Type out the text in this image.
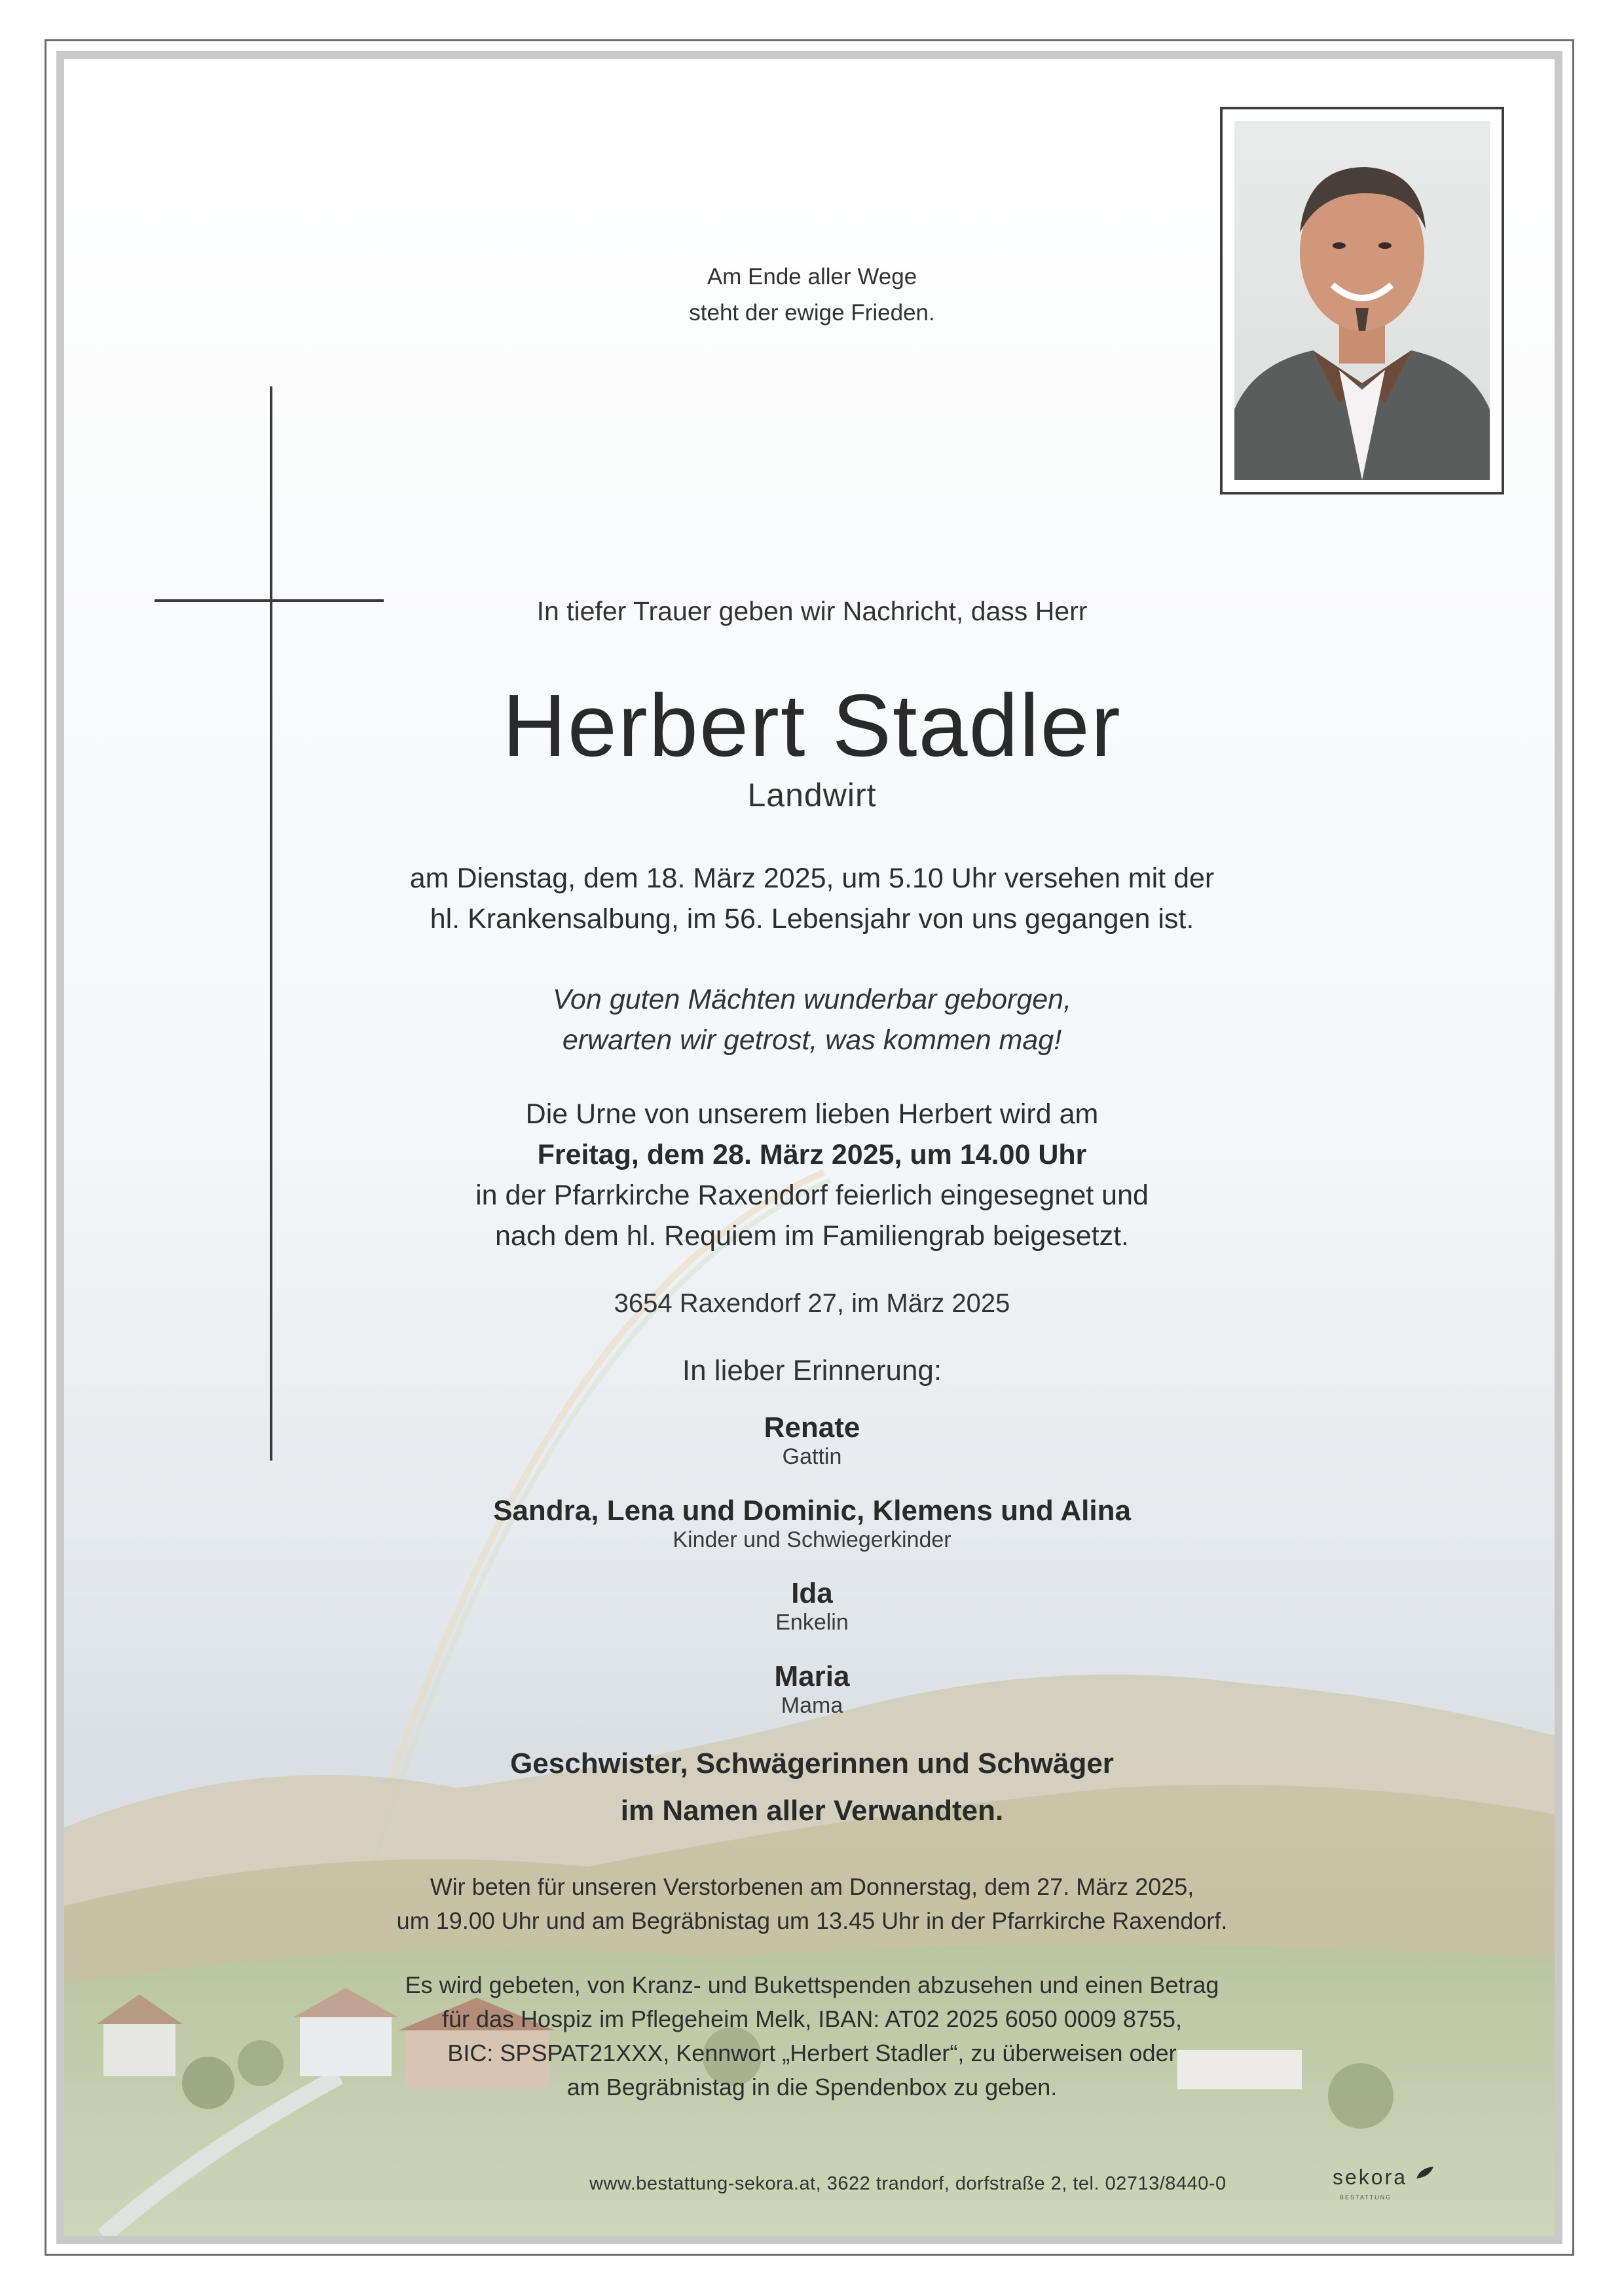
Am Ende aller Wege
steht der ewige Frieden.
In tiefer Trauer geben wir Nachricht, dass Herr
Herbert Stadler
Landwirt
am Dienstag, dem 18. März 2025, um 5.10 Uhr versehen mit der
hl. Krankensalbung, im 56. Lebensjahr von uns gegangen ist.
Von guten Mächten wunderbar geborgen,
erwarten wir getrost, was kommen mag!
Die Urne von unserem lieben Herbert wird am
Freitag, dem 28. März 2025, um 14.00 Uhr
in der Pfarrkirche Raxendorf feierlich eingesegnet und
nach dem hl. Requiem im Familiengrab beigesetzt.
3654 Raxendorf 27, im März 2025
In lieber Erinnerung:
Renate
Gattin
Sandra, Lena und Dominic, Klemens und Alina
Kinder und Schwiegerkinder
Ida
Enkelin
Maria
Mama
Geschwister, Schwägerinnen und Schwäger
im Namen aller Verwandten.
Wir beten für unseren Verstorbenen am Donnerstag, dem 27. März 2025,
um 19.00 Uhr und am Begräbnistag um 13.45 Uhr in der Pfarrkirche Raxendorf.
Es wird gebeten, von Kranz- und Bukettspenden abzusehen und einen Betrag
für das Hospiz im Pflegeheim Melk, IBAN: AT02 2025 6050 0009 8755,
BIC: SPSPAT21XXX, Kennwort „Herbert Stadler“, zu überweisen oder
am Begräbnistag in die Spendenbox zu geben.
www.bestattung-sekora.at, 3622 trandorf, dorfstraße 2, tel. 02713/8440-0	sekora
BESTATTUNG
